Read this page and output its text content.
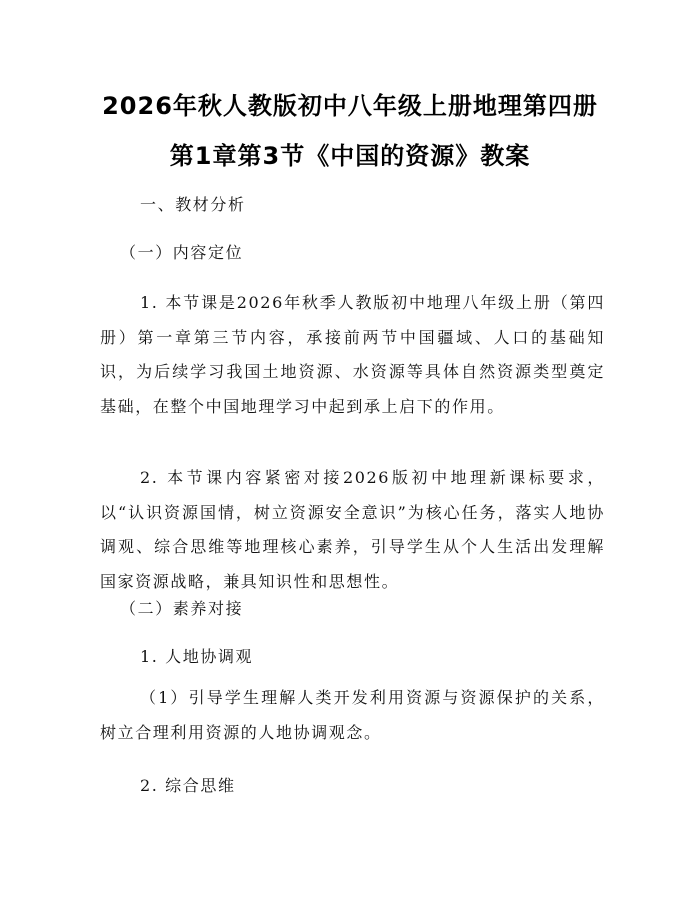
2026年秋人教版初中八年级上册地理第四册
第1章第3节《中国的资源》教案
一、教材分析
（一）内容定位
1. 本节课是2026年秋季人教版初中地理八年级上册（第四册）第一章第三节内容，承接前两节中国疆域、人口的基础知识，为后续学习我国土地资源、水资源等具体自然资源类型奠定基础，在整个中国地理学习中起到承上启下的作用。
2. 本节课内容紧密对接2026版初中地理新课标要求，以“认识资源国情，树立资源安全意识”为核心任务，落实人地协调观、综合思维等地理核心素养，引导学生从个人生活出发理解国家资源战略，兼具知识性和思想性。
（二）素养对接
1. 人地协调观
（1）引导学生理解人类开发利用资源与资源保护的关系，树立合理利用资源的人地协调观念。
2. 综合思维
